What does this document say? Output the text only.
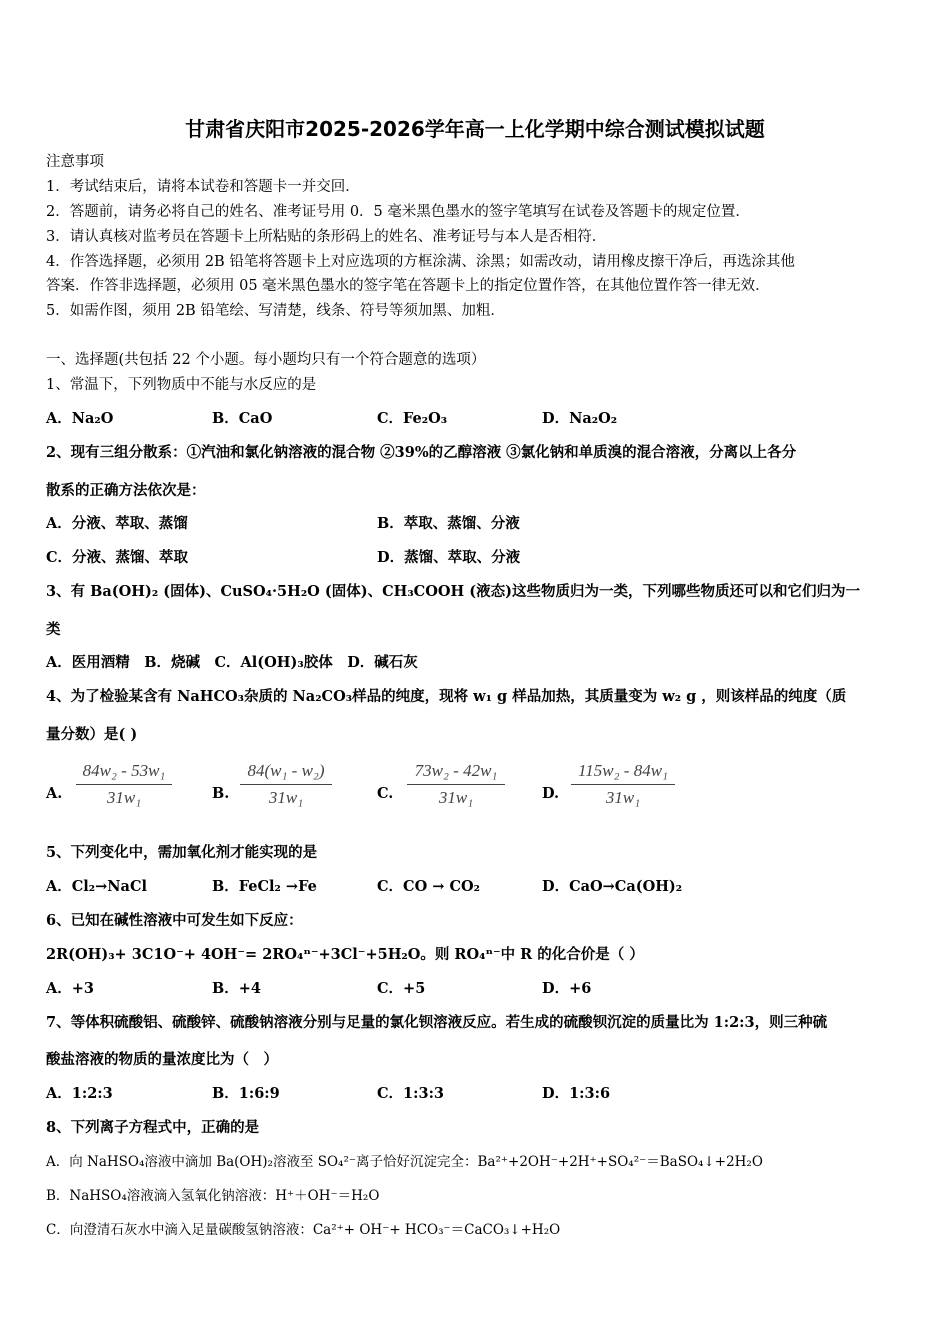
甘肃省庆阳市2025-2026学年高一上化学期中综合测试模拟试题
注意事项
1．考试结束后，请将本试卷和答题卡一并交回．
2．答题前，请务必将自己的姓名、准考证号用 0．5 毫米黑色墨水的签字笔填写在试卷及答题卡的规定位置．
3．请认真核对监考员在答题卡上所粘贴的条形码上的姓名、准考证号与本人是否相符．
4．作答选择题，必须用 2B 铅笔将答题卡上对应选项的方框涂满、涂黑；如需改动，请用橡皮擦干净后，再选涂其他
答案．作答非选择题，必须用 05 毫米黑色墨水的签字笔在答题卡上的指定位置作答，在其他位置作答一律无效．
5．如需作图，须用 2B 铅笔绘、写清楚，线条、符号等须加黑、加粗．
一、选择题(共包括 22 个小题。每小题均只有一个符合题意的选项）
1、常温下，下列物质中不能与水反应的是
A．Na₂O	B．CaO	C．Fe₂O₃	D．Na₂O₂
2、现有三组分散系：①汽油和氯化钠溶液的混合物 ②39%的乙醇溶液 ③氯化钠和单质溴的混合溶液，分离以上各分
散系的正确方法依次是：
A．分液、萃取、蒸馏	B．萃取、蒸馏、分液
C．分液、蒸馏、萃取	D．蒸馏、萃取、分液
3、有 Ba(OH)₂ (固体)、CuSO₄·5H₂O (固体)、CH₃COOH (液态)这些物质归为一类，下列哪些物质还可以和它们归为一
类
A．医用酒精　B．烧碱　C．Al(OH)₃胶体　D．碱石灰
4、为了检验某含有 NaHCO₃杂质的 Na₂CO₃样品的纯度，现将 w₁ g 样品加热，其质量变为 w₂ g ，则该样品的纯度（质
量分数）是( )
A.
84w₂ - 53w₁
31w₁	B.
84(w₁ - w₂)
31w₁	C.
73w₂ - 42w₁
31w₁	D.
115w₂ - 84w₁
31w₁
5、下列变化中，需加氧化剂才能实现的是
A．Cl₂→NaCl	B．FeCl₂ →Fe	C．CO → CO₂	D．CaO→Ca(OH)₂
6、已知在碱性溶液中可发生如下反应：
2R(OH)₃+ 3C1O⁻+ 4OH⁻= 2RO₄ⁿ⁻+3Cl⁻+5H₂O。则 RO₄ⁿ⁻中 R 的化合价是（ ）
A．+3	B．+4	C．+5	D．+6
7、等体积硫酸铝、硫酸锌、硫酸钠溶液分别与足量的氯化钡溶液反应。若生成的硫酸钡沉淀的质量比为 1:2:3，则三种硫
酸盐溶液的物质的量浓度比为（　）
A．1:2:3	B．1:6:9	C．1:3:3	D．1:3:6
8、下列离子方程式中，正确的是
A．向 NaHSO₄溶液中滴加 Ba(OH)₂溶液至 SO₄²⁻离子恰好沉淀完全：Ba²⁺+2OH⁻+2H⁺+SO₄²⁻＝BaSO₄↓+2H₂O
B．NaHSO₄溶液滴入氢氧化钠溶液：H⁺＋OH⁻＝H₂O
C．向澄清石灰水中滴入足量碳酸氢钠溶液：Ca²⁺+ OH⁻+ HCO₃⁻＝CaCO₃↓+H₂O
